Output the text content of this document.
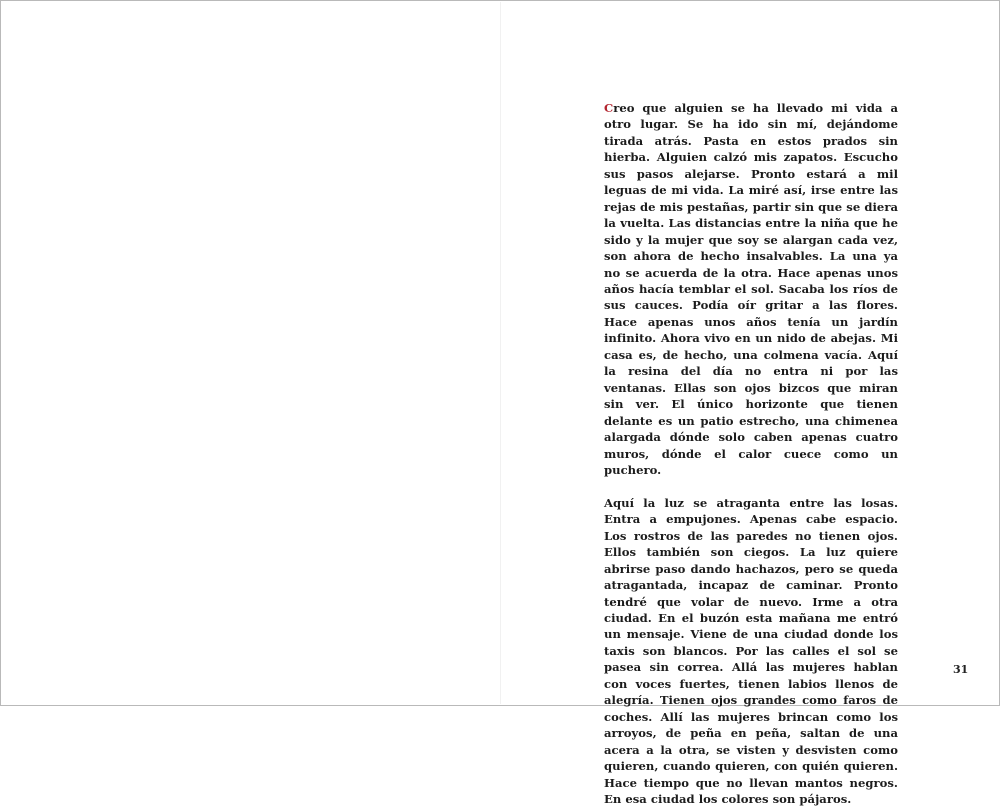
Creo que alguien se ha llevado mi vida a otro lugar. Se ha ido sin mí, dejándome tirada atrás. Pasta en estos prados sin hierba. Alguien calzó mis zapatos. Escucho sus pasos alejarse. Pronto estará a mil leguas de mi vida. La miré así, irse entre las rejas de mis pestañas, partir sin que se diera la vuelta. Las distancias entre la niña que he sido y la mujer que soy se alargan cada vez, son ahora de hecho insalvables. La una ya no se acuerda de la otra. Hace apenas unos años hacía temblar el sol. Sacaba los ríos de sus cauces. Podía oír gritar a las flores. Hace apenas unos años tenía un jardín infinito. Ahora vivo en un nido de abejas. Mi casa es, de hecho, una colmena vacía. Aquí la resina del día no entra ni por las ventanas. Ellas son ojos bizcos que miran sin ver. El único horizonte que tienen delante es un patio estrecho, una chimenea alargada dónde solo caben apenas cuatro muros, dónde el calor cuece como un puchero.

Aquí la luz se atraganta entre las losas. Entra a empujones. Apenas cabe espacio. Los rostros de las paredes no tienen ojos. Ellos también son ciegos. La luz quiere abrirse paso dando hachazos, pero se queda atragantada, incapaz de caminar. Pronto tendré que volar de nuevo. Irme a otra ciudad. En el buzón esta mañana me entró un mensaje. Viene de una ciudad donde los taxis son blancos. Por las calles el sol se pasea sin correa. Allá las mujeres hablan con voces fuertes, tienen labios llenos de alegría. Tienen ojos grandes como faros de coches. Allí las mujeres brincan como los arroyos, de peña en peña, saltan de una acera a la otra, se visten y desvisten como quieren, cuando quieren, con quién quieren. Hace tiempo que no llevan mantos negros. En esa ciudad los colores son pájaros.

31
